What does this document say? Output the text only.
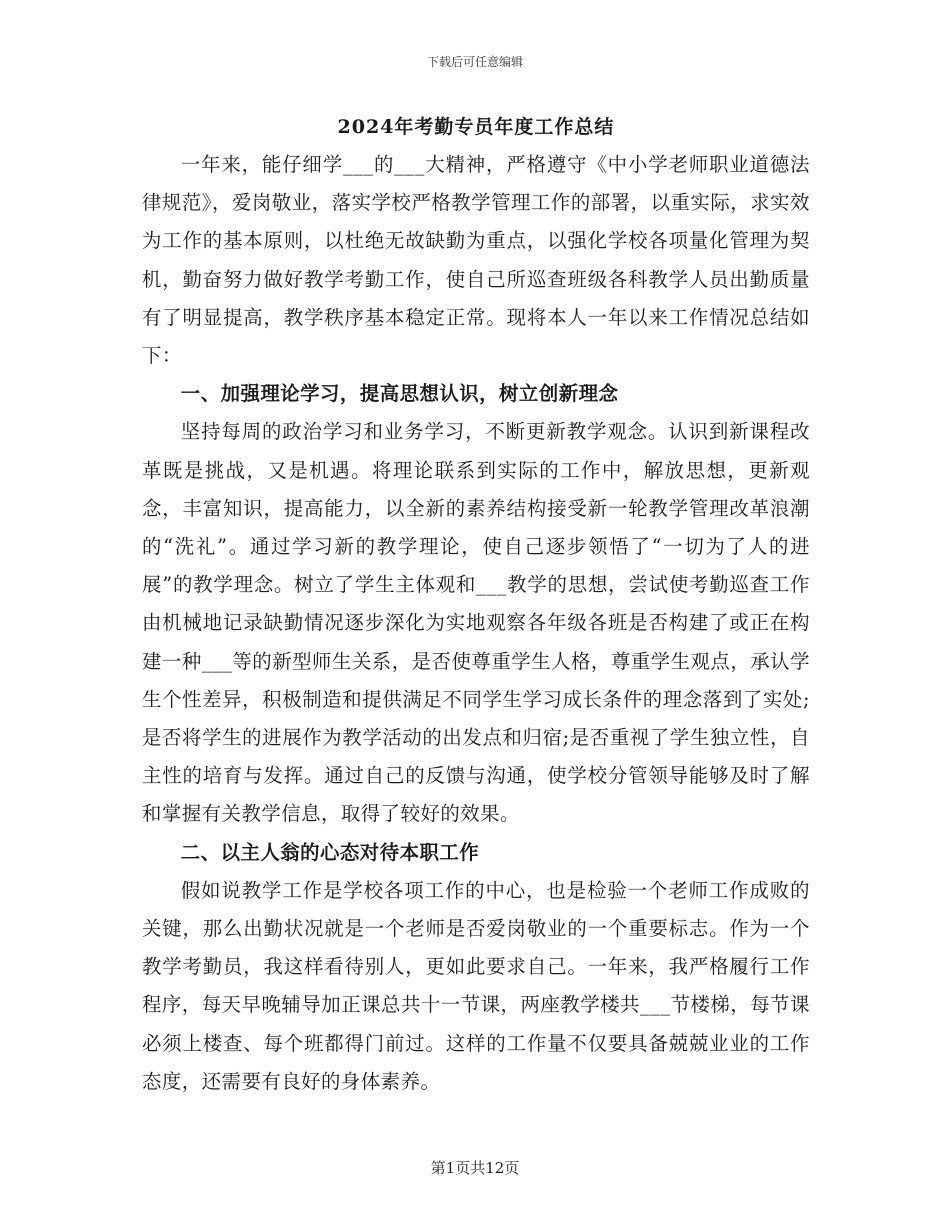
下载后可任意编辑
2024年考勤专员年度工作总结

一年来，能仔细学___的___大精神，严格遵守《中小学老师职业道德法律规范》，爱岗敬业，落实学校严格教学管理工作的部署，以重实际，求实效为工作的基本原则，以杜绝无故缺勤为重点，以强化学校各项量化管理为契机，勤奋努力做好教学考勤工作，使自己所巡查班级各科教学人员出勤质量有了明显提高，教学秩序基本稳定正常。现将本人一年以来工作情况总结如下：

一、加强理论学习，提高思想认识，树立创新理念

坚持每周的政治学习和业务学习，不断更新教学观念。认识到新课程改革既是挑战，又是机遇。将理论联系到实际的工作中，解放思想，更新观念，丰富知识，提高能力，以全新的素养结构接受新一轮教学管理改革浪潮的“洗礼”。通过学习新的教学理论，使自己逐步领悟了“一切为了人的进展”的教学理念。树立了学生主体观和___教学的思想，尝试使考勤巡查工作由机械地记录缺勤情况逐步深化为实地观察各年级各班是否构建了或正在构建一种___等的新型师生关系，是否使尊重学生人格，尊重学生观点，承认学生个性差异，积极制造和提供满足不同学生学习成长条件的理念落到了实处;是否将学生的进展作为教学活动的出发点和归宿;是否重视了学生独立性，自主性的培育与发挥。通过自己的反馈与沟通，使学校分管领导能够及时了解和掌握有关教学信息，取得了较好的效果。

二、以主人翁的心态对待本职工作

假如说教学工作是学校各项工作的中心，也是检验一个老师工作成败的关键，那么出勤状况就是一个老师是否爱岗敬业的一个重要标志。作为一个教学考勤员，我这样看待别人，更如此要求自己。一年来，我严格履行工作程序，每天早晚辅导加正课总共十一节课，两座教学楼共___节楼梯，每节课必须上楼查、每个班都得门前过。这样的工作量不仅要具备兢兢业业的工作态度，还需要有良好的身体素养。

第1页共12页
